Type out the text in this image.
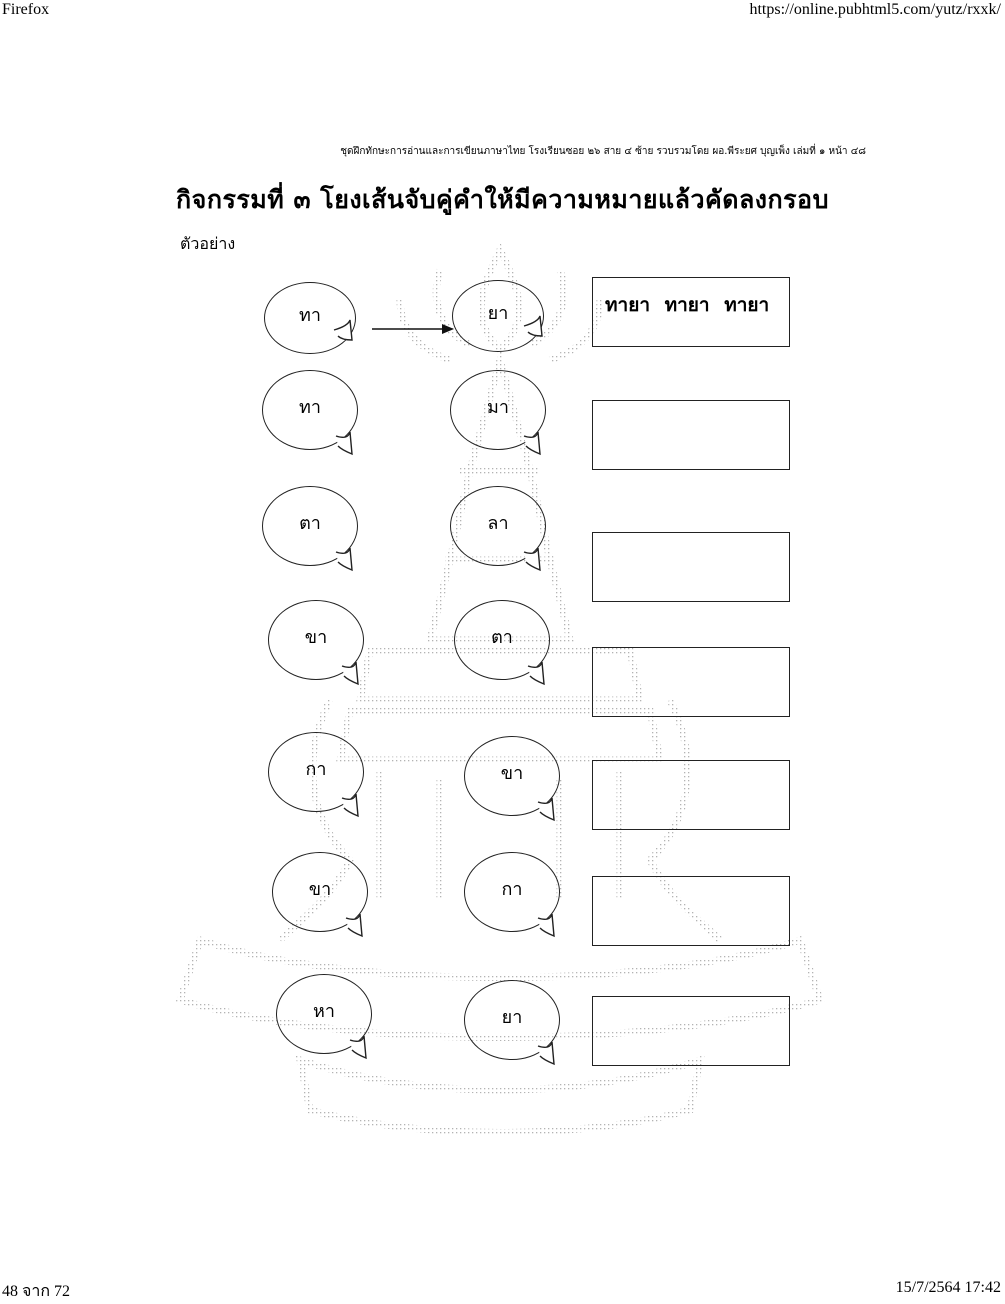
Firefox	https://online.pubhtml5.com/yutz/rxxk/
ชุดฝึกทักษะการอ่านและการเขียนภาษาไทย โรงเรียนซอย ๒๖ สาย ๔ ซ้าย รวบรวมโดย ผอ.พีระยศ บุญเพ็ง เล่มที่ ๑ หน้า ๔๘
กิจกรรมที่ ๓ โยงเส้นจับคู่คำให้มีความหมายแล้วคัดลงกรอบ
ตัวอย่าง
ทา	ยา	ทายา ทายา ทายา
ทา	มา
ตา	ลา
ขา	ตา
กา	ขา
ขา	กา
หา	ยา
48 จาก 72	15/7/2564 17:42
